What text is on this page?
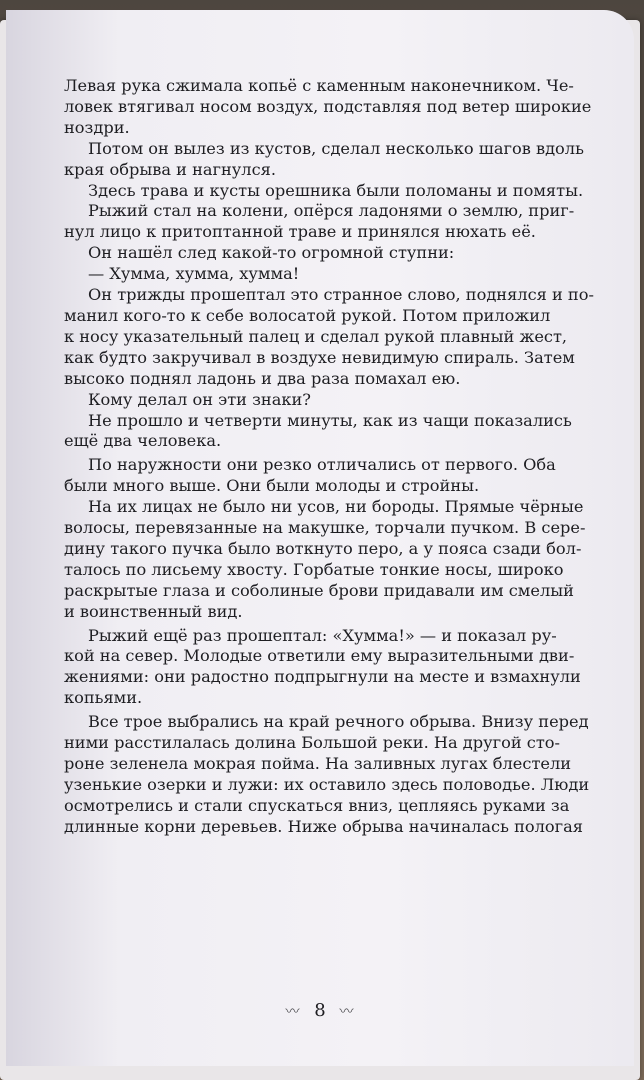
Левая рука сжимала копьё с каменным наконечником. Че-

ловек втягивал носом воздух, подставляя под ветер широкие

ноздри.

Потом он вылез из кустов, сделал несколько шагов вдоль

края обрыва и нагнулся.

Здесь трава и кусты орешника были поломаны и помяты.

Рыжий стал на колени, опёрся ладонями о землю, приг-

нул лицо к притоптанной траве и принялся нюхать её.

Он нашёл след какой-то огромной ступни:

— Хумма, хумма, хумма!

Он трижды прошептал это странное слово, поднялся и по-

манил кого-то к себе волосатой рукой. Потом приложил

к носу указательный палец и сделал рукой плавный жест,

как будто закручивал в воздухе невидимую спираль. Затем

высоко поднял ладонь и два раза помахал ею.

Кому делал он эти знаки?

Не прошло и четверти минуты, как из чащи показались

ещё два человека.

По наружности они резко отличались от первого. Оба

были много выше. Они были молоды и стройны.

На их лицах не было ни усов, ни бороды. Прямые чёрные

волосы, перевязанные на макушке, торчали пучком. В сере-

дину такого пучка было воткнуто перо, а у пояса сзади бол-

талось по лисьему хвосту. Горбатые тонкие носы, широко

раскрытые глаза и соболиные брови придавали им смелый

и воинственный вид.

Рыжий ещё раз прошептал: «Хумма!» — и показал ру-

кой на север. Молодые ответили ему выразительными дви-

жениями: они радостно подпрыгнули на месте и взмахнули

копьями.

Все трое выбрались на край речного обрыва. Внизу перед

ними расстилалась долина Большой реки. На другой сто-

роне зеленела мокрая пойма. На заливных лугах блестели

узенькие озерки и лужи: их оставило здесь половодье. Люди

осмотрелись и стали спускаться вниз, цепляясь руками за

длинные корни деревьев. Ниже обрыва начиналась пологая

〰 8 〰
